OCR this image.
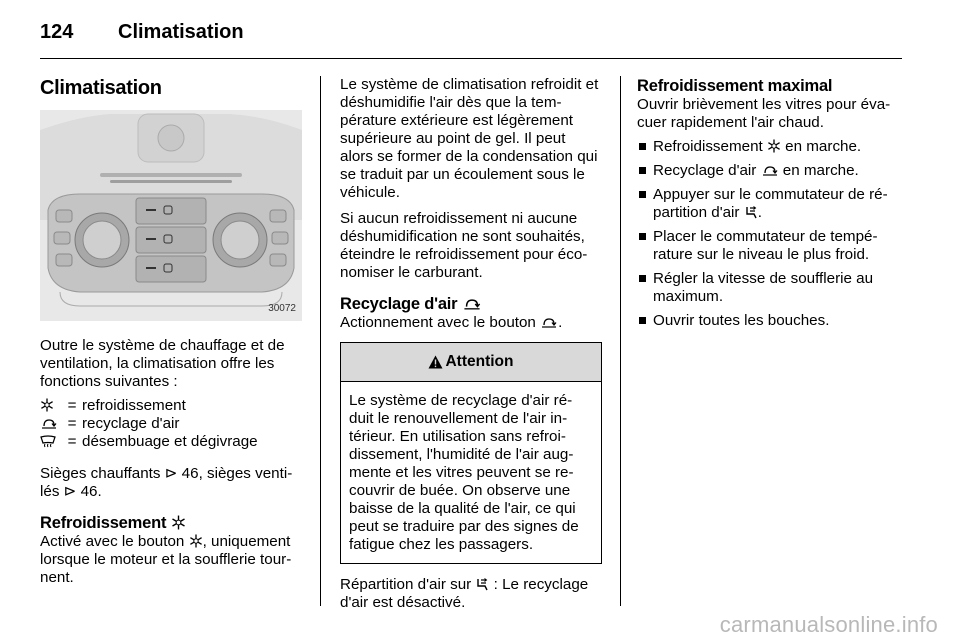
124 Climatisation
Climatisation
30072

Outre le système de chauffage et de ventilation, la climatisation offre les fonctions suivantes :

= refroidissement
= recyclage d'air
= désembuage et dégivrage

Sièges chauffants ⊳ 46, sièges venti-lés ⊳ 46.

Refroidissement

Activé avec le bouton , uniquement lorsque le moteur et la soufflerie tour-nent.

Le système de climatisation refroidit et déshumidifie l'air dès que la tem-pérature extérieure est légèrement supérieure au point de gel. Il peut alors se former de la condensation qui se traduit par un écoulement sous le véhicule.

Si aucun refroidissement ni aucune déshumidification ne sont souhaités, éteindre le refroidissement pour éco-nomiser le carburant.

Recyclage d'air

Actionnement avec le bouton .

Attention
Le système de recyclage d'air ré-duit le renouvellement de l'air in-térieur. En utilisation sans refroi-dissement, l'humidité de l'air aug-mente et les vitres peuvent se re-couvrir de buée. On observe une baisse de la qualité de l'air, ce qui peut se traduire par des signes de fatigue chez les passagers.

Répartition d'air sur  : Le recyclage d'air est désactivé.

Refroidissement maximal

Ouvrir brièvement les vitres pour éva-cuer rapidement l'air chaud.

Refroidissement  en marche.
Recyclage d'air  en marche.
Appuyer sur le commutateur de ré-partition d'air .
Placer le commutateur de tempé-rature sur le niveau le plus froid.
Régler la vitesse de soufflerie au maximum.
Ouvrir toutes les bouches.
carmanualsonline.info
